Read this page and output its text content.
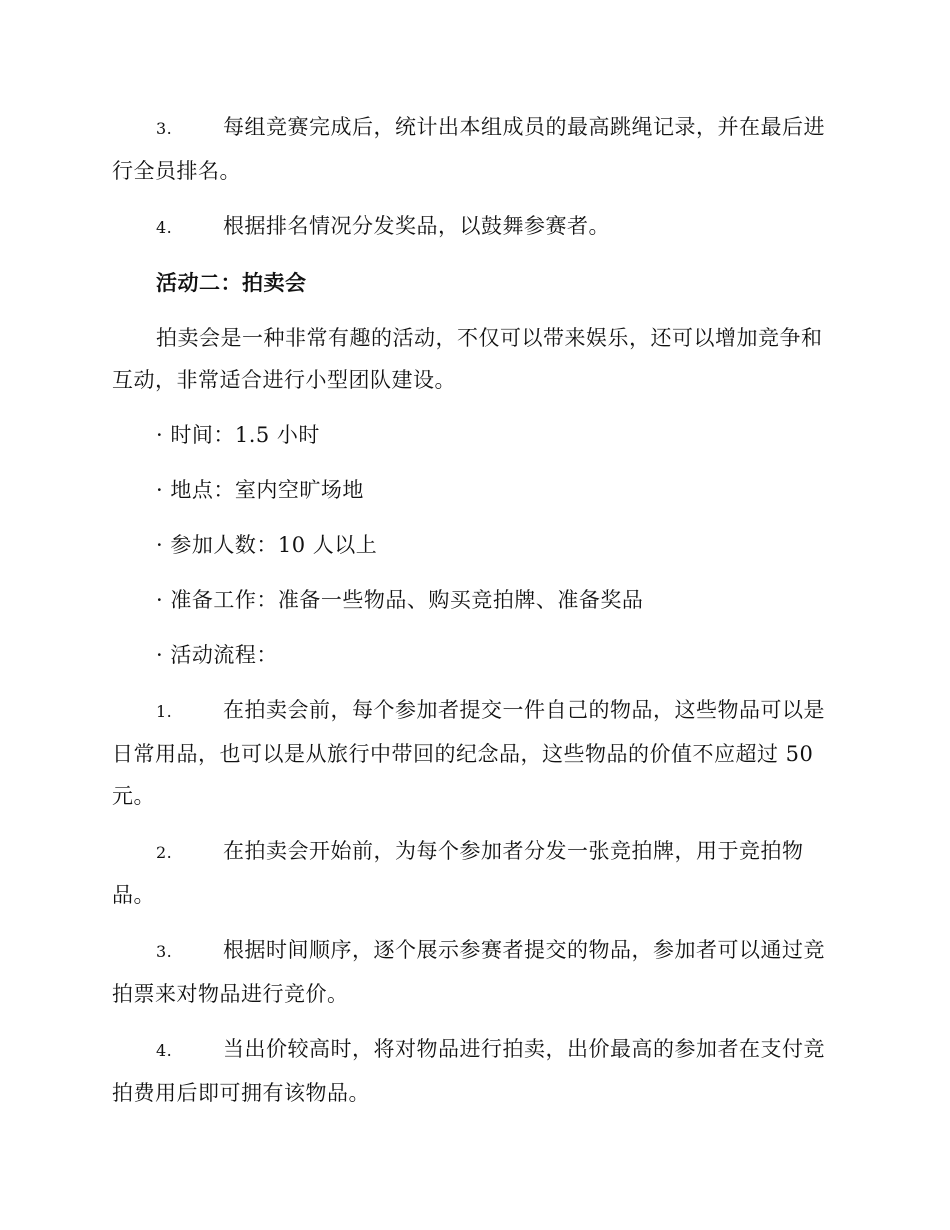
3. 每组竞赛完成后，统计出本组成员的最高跳绳记录，并在最后进行全员排名。

4. 根据排名情况分发奖品，以鼓舞参赛者。

活动二：拍卖会

拍卖会是一种非常有趣的活动，不仅可以带来娱乐，还可以增加竞争和互动，非常适合进行小型团队建设。

· 时间：1.5 小时

· 地点：室内空旷场地

· 参加人数：10 人以上

· 准备工作：准备一些物品、购买竞拍牌、准备奖品

· 活动流程：

1. 在拍卖会前，每个参加者提交一件自己的物品，这些物品可以是日常用品，也可以是从旅行中带回的纪念品，这些物品的价值不应超过 50 元。

2. 在拍卖会开始前，为每个参加者分发一张竞拍牌，用于竞拍物品。

3. 根据时间顺序，逐个展示参赛者提交的物品，参加者可以通过竞拍票来对物品进行竞价。

4. 当出价较高时，将对物品进行拍卖，出价最高的参加者在支付竞拍费用后即可拥有该物品。
